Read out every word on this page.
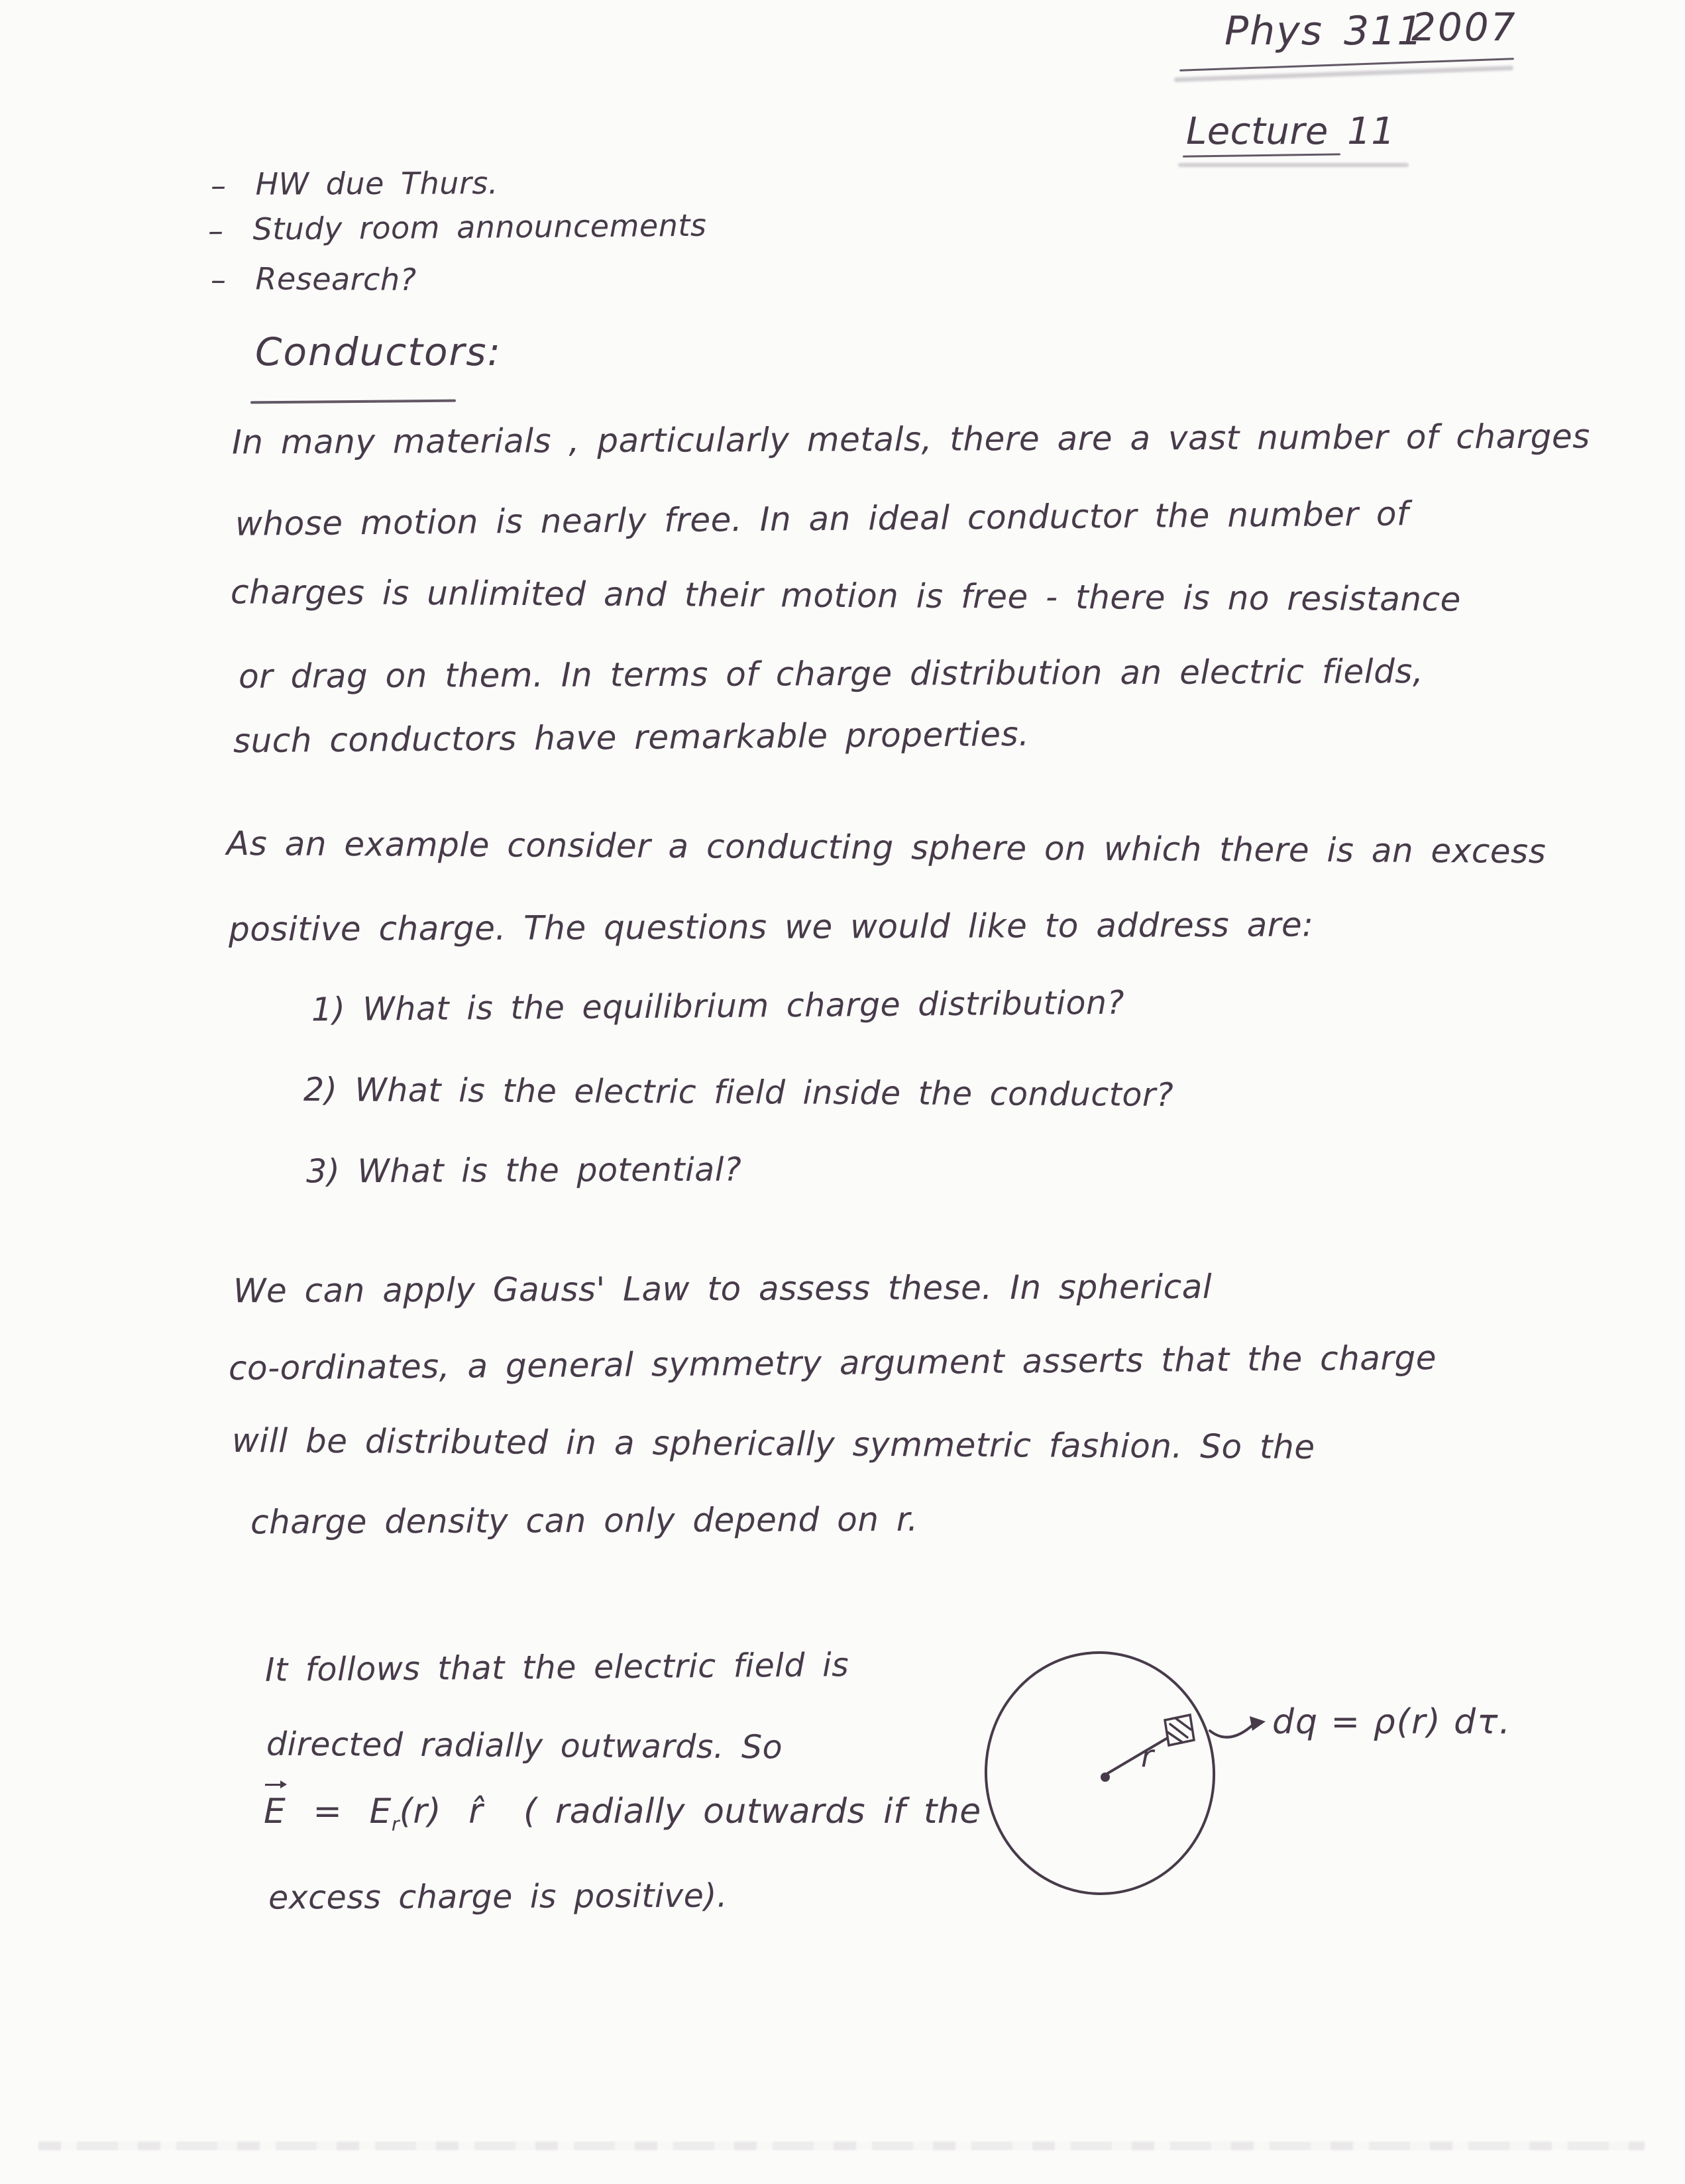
Phys 311
2007
Lecture 11
– HW due Thurs.
– Study room announcements
– Research?
Conductors:
In many materials , particularly metals, there are a vast number of charges
whose motion is nearly free. In an ideal conductor the number of
charges is unlimited and their motion is free - there is no resistance
or drag on them. In terms of charge distribution an electric fields,
such conductors have remarkable properties.
As an example consider a conducting sphere on which there is an excess
positive charge. The questions we would like to address are:
1) What is the equilibrium charge distribution?
2) What is the electric field inside the conductor?
3) What is the potential?
We can apply Gauss' Law to assess these. In spherical
co-ordinates, a general symmetry argument asserts that the charge
will be distributed in a spherically symmetric fashion. So the
charge density can only depend on r.
It follows that the electric field is
directed radially outwards. So
$E = E_r(r)$ r̂ ( radially outwards if the
excess charge is positive).
r
dq = ρ(r) dτ.
